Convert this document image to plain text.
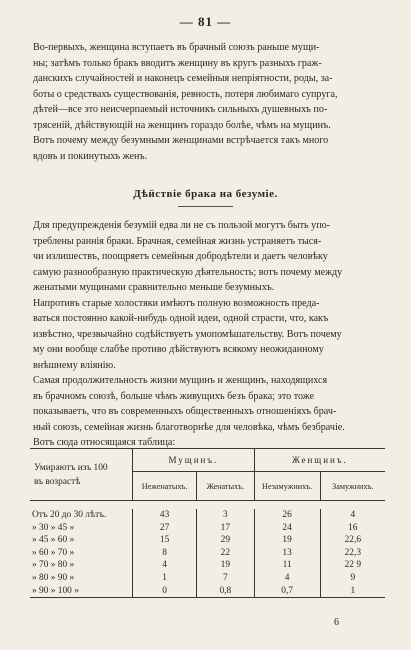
— 81 —

Во-первыхъ, женщина вступаетъ въ брачный союзъ раньше мущи-

ны; затѣмъ только бракъ вводитъ женщину въ кругъ разныхъ граж-

данскихъ случайностей и наконецъ семейныя непріятности, роды, за-

боты о средствахъ существованія, ревность, потеря любимаго супруга,

дѣтей—все это неисчерпаемый источникъ сильныхъ душевныхъ по-

трясеній, дѣйствующій на женщинъ гораздо болѣе, чѣмъ на мущинъ.

Вотъ почему между безумными женщинами встрѣчается такъ много

вдовъ и покинутыхъ женъ.

Дѣйствіе брака на безуміе.

Для предупрежденія безумій едва ли не съ пользой могутъ быть упо-

треблены раннія браки. Брачная, семейная жизнь устраняетъ тыся-

чи излишествъ, поощряетъ семейныя добродѣтели и даетъ человѣку

самую разнообразную практическую дѣятельность; вотъ почему между

женатыми мущинами сравнительно меньше безумныхъ.

Напротивъ старые холостяки имѣютъ полную возможность преда-

ваться постоянно какой-нибудь одной идеи, одной страсти, что, какъ

извѣстно, чрезвычайно содѣйствуетъ умопомѣшательству. Вотъ почему

му они вообще слабѣе противо дѣйствуютъ всякому неожиданному

внѣшнему вліянію.

Самая продолжительность жизни мущинъ и женщинъ, находящихся

въ брачномъ союзѣ, больше чѣмъ живущихъ безъ брака; это тоже

показываетъ, что въ современныхъ общественныхъ отношеніяхъ брач-

ный союзъ, семейная жизнь благотворнѣе для человѣка, чѣмъ безбрачіе.

Вотъ сюда относящаяся таблица:

Умираютъ изъ 100
въ возрастѣ	Мущинъ.		Женщинъ.	
	Неженатыхъ.	Женатыхъ.	Незамужнихъ.	Замужнихъ.

Отъ 20 до 30 лѣтъ.	43	3	26	4
» 30 » 45 »	27	17	24	16
» 45 » 60 »	15	29	19	22,6
» 60 » 70 »	8	22	13	22,3
» 70 » 80 »	4	19	11	22 9
» 80 » 90 »	1	7	4	9
» 90 » 100 »	0	0,8	0,7	1
6
